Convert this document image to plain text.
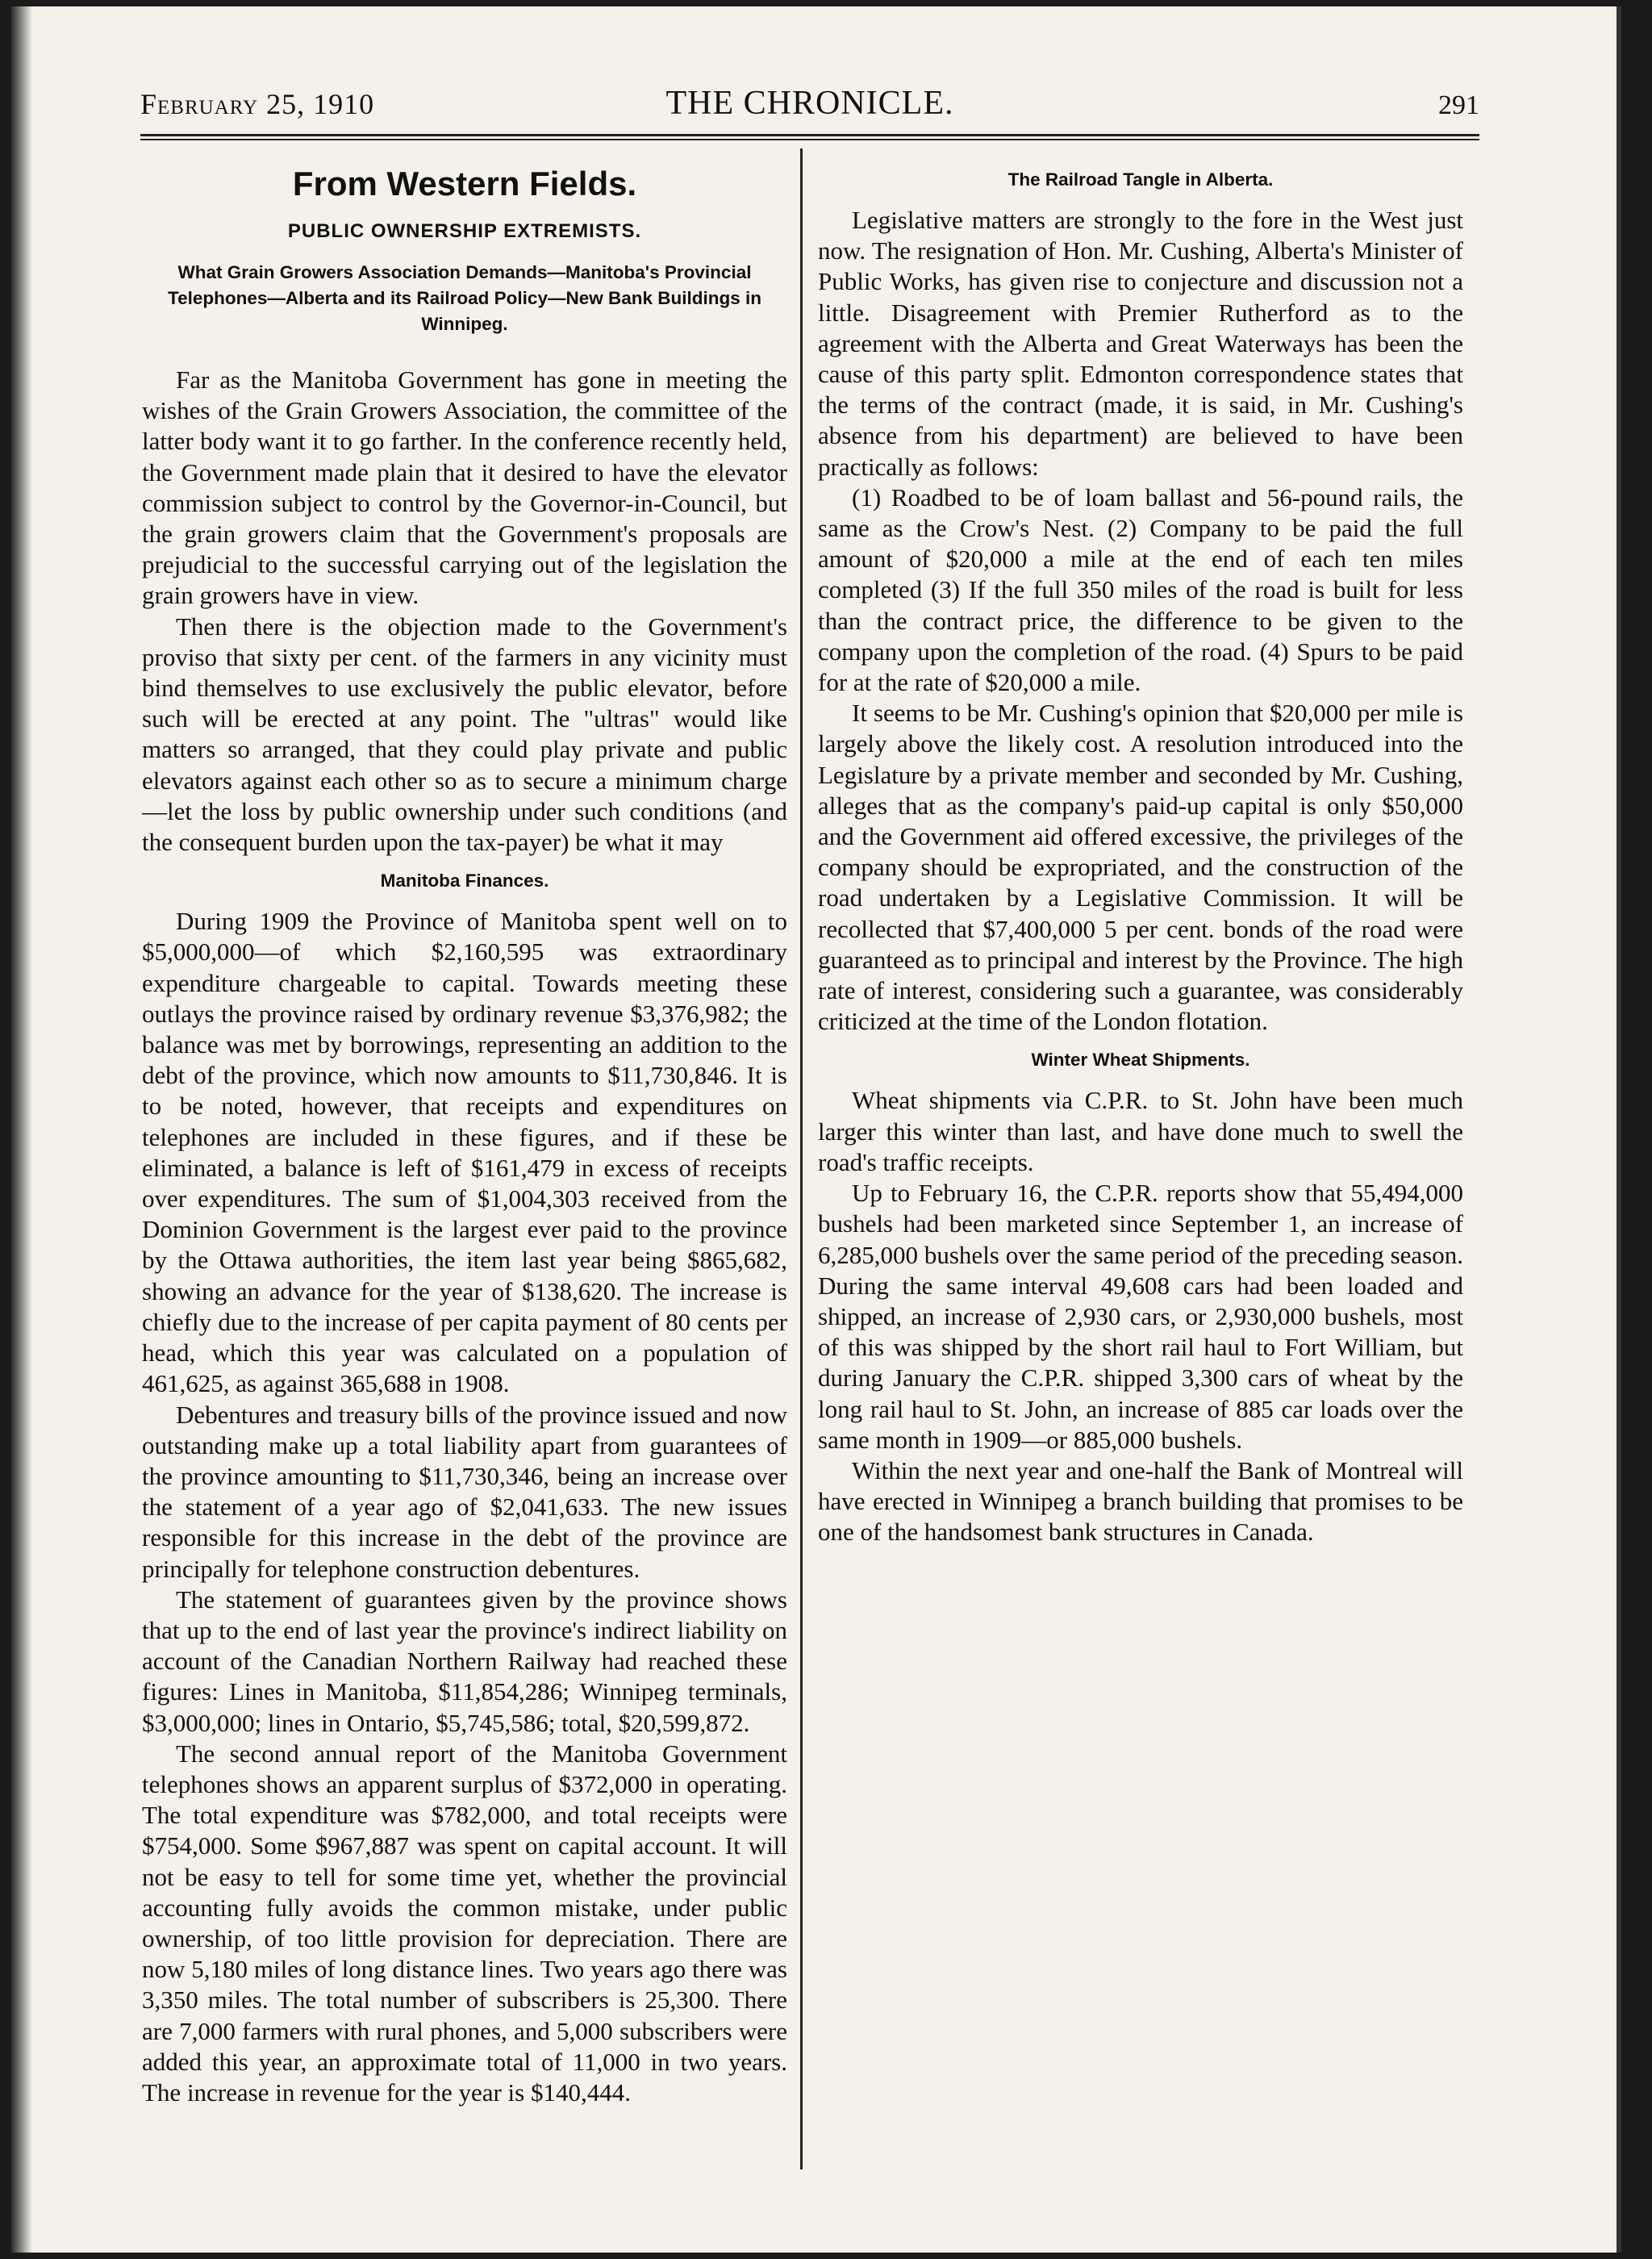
February 25, 1910	THE CHRONICLE.	291
From Western Fields.
PUBLIC OWNERSHIP EXTREMISTS.
What Grain Growers Association Demands—Manitoba's Provincial Telephones—Alberta and its Railroad Policy—New Bank Buildings in Winnipeg.

Far as the Manitoba Government has gone in meeting the wishes of the Grain Growers Association, the committee of the latter body want it to go farther. In the conference recently held, the Government made plain that it desired to have the elevator commission subject to control by the Governor-in-Council, but the grain growers claim that the Government's proposals are prejudicial to the successful carrying out of the legislation the grain growers have in view.

Then there is the objection made to the Government's proviso that sixty per cent. of the farmers in any vicinity must bind themselves to use exclusively the public elevator, before such will be erected at any point. The "ultras" would like matters so arranged, that they could play private and public elevators against each other so as to secure a minimum charge—let the loss by public ownership under such conditions (and the consequent burden upon the tax-payer) be what it may

Manitoba Finances.

During 1909 the Province of Manitoba spent well on to $5,000,000—of which $2,160,595 was extraordinary expenditure chargeable to capital. Towards meeting these outlays the province raised by ordinary revenue $3,376,982; the balance was met by borrowings, representing an addition to the debt of the province, which now amounts to $11,730,846. It is to be noted, however, that receipts and expenditures on telephones are included in these figures, and if these be eliminated, a balance is left of $161,479 in excess of receipts over expenditures. The sum of $1,004,303 received from the Dominion Government is the largest ever paid to the province by the Ottawa authorities, the item last year being $865,682, showing an advance for the year of $138,620. The increase is chiefly due to the increase of per capita payment of 80 cents per head, which this year was calculated on a population of 461,625, as against 365,688 in 1908.

Debentures and treasury bills of the province issued and now outstanding make up a total liability apart from guarantees of the province amounting to $11,730,346, being an increase over the statement of a year ago of $2,041,633. The new issues responsible for this increase in the debt of the province are principally for telephone construction debentures.

The statement of guarantees given by the province shows that up to the end of last year the province's indirect liability on account of the Canadian Northern Railway had reached these figures: Lines in Manitoba, $11,854,286; Winnipeg terminals, $3,000,000; lines in Ontario, $5,745,586; total, $20,599,872.

The second annual report of the Manitoba Government telephones shows an apparent surplus of $372,000 in operating. The total expenditure was $782,000, and total receipts were $754,000. Some $967,887 was spent on capital account. It will not be easy to tell for some time yet, whether the provincial accounting fully avoids the common mistake, under public ownership, of too little provision for depreciation. There are now 5,180 miles of long distance lines. Two years ago there was 3,350 miles. The total number of subscribers is 25,300. There are 7,000 farmers with rural phones, and 5,000 subscribers were added this year, an approximate total of 11,000 in two years. The increase in revenue for the year is $140,444.

The Railroad Tangle in Alberta.

Legislative matters are strongly to the fore in the West just now. The resignation of Hon. Mr. Cushing, Alberta's Minister of Public Works, has given rise to conjecture and discussion not a little. Disagreement with Premier Rutherford as to the agreement with the Alberta and Great Waterways has been the cause of this party split. Edmonton correspondence states that the terms of the contract (made, it is said, in Mr. Cushing's absence from his department) are believed to have been practically as follows:

(1) Roadbed to be of loam ballast and 56-pound rails, the same as the Crow's Nest. (2) Company to be paid the full amount of $20,000 a mile at the end of each ten miles completed (3) If the full 350 miles of the road is built for less than the contract price, the difference to be given to the company upon the completion of the road. (4) Spurs to be paid for at the rate of $20,000 a mile.

It seems to be Mr. Cushing's opinion that $20,000 per mile is largely above the likely cost. A resolution introduced into the Legislature by a private member and seconded by Mr. Cushing, alleges that as the company's paid-up capital is only $50,000 and the Government aid offered excessive, the privileges of the company should be expropriated, and the construction of the road undertaken by a Legislative Commission. It will be recollected that $7,400,000 5 per cent. bonds of the road were guaranteed as to principal and interest by the Province. The high rate of interest, considering such a guarantee, was considerably criticized at the time of the London flotation.

Winter Wheat Shipments.

Wheat shipments via C.P.R. to St. John have been much larger this winter than last, and have done much to swell the road's traffic receipts.

Up to February 16, the C.P.R. reports show that 55,494,000 bushels had been marketed since September 1, an increase of 6,285,000 bushels over the same period of the preceding season. During the same interval 49,608 cars had been loaded and shipped, an increase of 2,930 cars, or 2,930,000 bushels, most of this was shipped by the short rail haul to Fort William, but during January the C.P.R. shipped 3,300 cars of wheat by the long rail haul to St. John, an increase of 885 car loads over the same month in 1909—or 885,000 bushels.

Within the next year and one-half the Bank of Montreal will have erected in Winnipeg a branch building that promises to be one of the handsomest bank structures in Canada.
